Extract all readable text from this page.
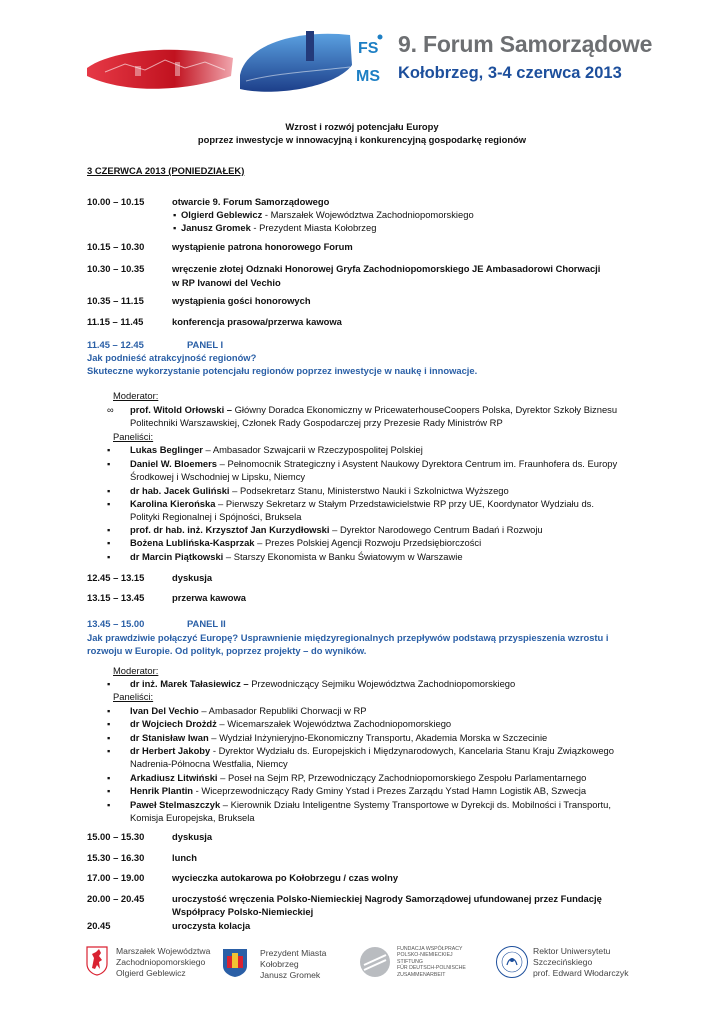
FS
MS
9. Forum Samorządowe
Kołobrzeg, 3-4 czerwca 2013
Wzrost i rozwój potencjału Europy
poprzez inwestycje w innowacyjną i konkurencyjną gospodarkę regionów
3 CZERWCA 2013 (PONIEDZIAŁEK)
10.00 – 10.15	otwarcie 9. Forum Samorządowego
▪ Olgierd Geblewicz - Marszałek Województwa Zachodniopomorskiego
▪ Janusz Gromek - Prezydent Miasta Kołobrzeg
10.15 – 10.30	wystąpienie patrona honorowego Forum
10.30 – 10.35	wręczenie złotej Odznaki Honorowej Gryfa Zachodniopomorskiego JE Ambasadorowi Chorwacji
w RP Ivanowi del Vechio
10.35 – 11.15	wystąpienia gości honorowych
11.15 – 11.45	konferencja prasowa/przerwa kawowa
11.45 – 12.45	PANEL I
Jak podnieść atrakcyjność regionów?
Skuteczne wykorzystanie potencjału regionów poprzez inwestycje w naukę i innowacje.
Moderator:
∞ prof. Witold Orłowski – Główny Doradca Ekonomiczny w PricewaterhouseCoopers Polska, Dyrektor Szkoły Biznesu
Politechniki Warszawskiej, Członek Rady Gospodarczej przy Prezesie Rady Ministrów RP
Paneliści:
▪ Lukas Beglinger – Ambasador Szwajcarii w Rzeczypospolitej Polskiej
▪ Daniel W. Bloemers – Pełnomocnik Strategiczny i Asystent Naukowy Dyrektora Centrum im. Fraunhofera ds. Europy
Środkowej i Wschodniej w Lipsku, Niemcy
▪ dr hab. Jacek Guliński – Podsekretarz Stanu, Ministerstwo Nauki i Szkolnictwa Wyższego
▪ Karolina Kierońska – Pierwszy Sekretarz w Stałym Przedstawicielstwie RP przy UE, Koordynator Wydziału ds.
Polityki Regionalnej i Spójności, Bruksela
▪ prof. dr hab. inż. Krzysztof Jan Kurzydłowski – Dyrektor Narodowego Centrum Badań i Rozwoju
▪ Bożena Lublińska-Kasprzak – Prezes Polskiej Agencji Rozwoju Przedsiębiorczości
▪ dr Marcin Piątkowski – Starszy Ekonomista w Banku Światowym w Warszawie
12.45 – 13.15	dyskusja
13.15 – 13.45	przerwa kawowa
13.45 – 15.00	PANEL II
Jak prawdziwie połączyć Europę? Usprawnienie międzyregionalnych przepływów podstawą przyspieszenia wzrostu i
rozwoju w Europie. Od polityk, poprzez projekty – do wyników.
Moderator:
▪ dr inż. Marek Tałasiewicz – Przewodniczący Sejmiku Województwa Zachodniopomorskiego
Paneliści:
▪ Ivan Del Vechio – Ambasador Republiki Chorwacji w RP
▪ dr Wojciech Drożdż – Wicemarszałek Województwa Zachodniopomorskiego
▪ dr Stanisław Iwan – Wydział Inżynieryjno-Ekonomiczny Transportu, Akademia Morska w Szczecinie
▪ dr Herbert Jakoby - Dyrektor Wydziału ds. Europejskich i Międzynarodowych, Kancelaria Stanu Kraju Związkowego
Nadrenia-Północna Westfalia, Niemcy
▪ Arkadiusz Litwiński – Poseł na Sejm RP, Przewodniczący Zachodniopomorskiego Zespołu Parlamentarnego
▪ Henrik Plantin - Wiceprzewodniczący Rady Gminy Ystad i Prezes Zarządu Ystad Hamn Logistik AB, Szwecja
▪ Paweł Stelmaszczyk – Kierownik Działu Inteligentne Systemy Transportowe w Dyrekcji ds. Mobilności i Transportu,
Komisja Europejska, Bruksela
15.00 – 15.30	dyskusja
15.30 – 16.30	lunch
17.00 – 19.00	wycieczka autokarowa po Kołobrzegu / czas wolny
20.00 – 20.45	uroczystość wręczenia Polsko-Niemieckiej Nagrody Samorządowej ufundowanej przez Fundację
Współpracy Polsko-Niemieckiej
20.45	uroczysta kolacja
Marszałek Województwa
Zachodniopomorskiego
Olgierd Geblewicz
Prezydent Miasta
Kołobrzeg
Janusz Gromek
FUNDACJA WSPÓŁPRACY
POLSKO-NIEMIECKIEJ
STIFTUNG
FÜR DEUTSCH-POLNISCHE
ZUSAMMENARBEIT
Rektor Uniwersytetu
Szczecińskiego
prof. Edward Włodarczyk
